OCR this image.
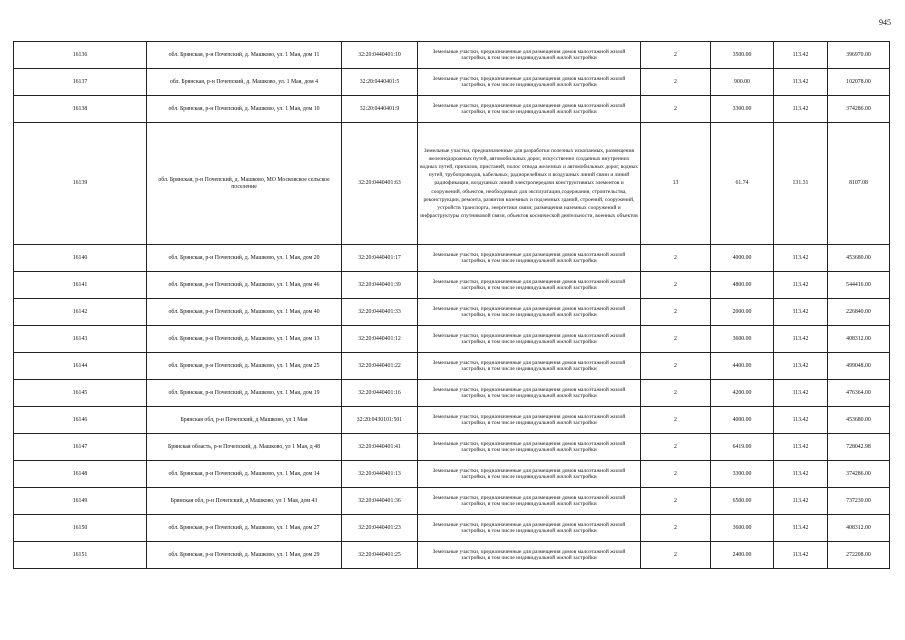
945
16136	обл. Брянская, р-н Почепский, д. Машково, ул. 1 Мая, дом 11	32:20:0440401:10	Земельные участки, предназначенные для размещения домов малоэтажной жилой застройки, в том числе индивидуальной жилой застройки	2	3500.00	113.42	396970.00
16137	обл. Брянская, р-н Почепский, д. Машково, ул. 1 Мая, дом 4	32:20:0440401:5	Земельные участки, предназначенные для размещения домов малоэтажной жилой застройки, в том числе индивидуальной жилой застройки	2	900.00	113.42	102078.00
16138	обл. Брянская, р-н Почепский, д. Машково, ул. 1 Мая, дом 10	32:20:0440401:9	Земельные участки, предназначенные для размещения домов малоэтажной жилой застройки, в том числе индивидуальной жилой застройки	2	3300.00	113.42	374286.00
16139	обл. Брянская, р-н Почепский, д. Машково, МО Московское сельское поселение	32:20:0440401:63	Земельные участки, предназначенные для разработки полезных ископаемых, размещения железнодорожных путей, автомобильных дорог, искусственно созданных внутренних водных путей, причалов, пристаней, полос отвода железных и автомобильных дорог, водных путей, трубопроводов, кабельных, радиорелейных и воздушных линий связи и линий радиофикации, воздушных линий электропередачи конструктивных элементов и сооружений, объектов, необходимых для эксплуатации,содержания, строительства, реконструкции, ремонта, развития наземных и подземных зданий, строений, сооружений, устройств транспорта, энергетики связи; размещения наземных сооружений и инфраструктуры спутниковой связи, объектов космической деятельности, военных объектов	13	61.74	131.31	8107.08
16140	обл. Брянская, р-н Почепский, д. Машково, ул. 1 Мая, дом 20	32:20:0440401:17	Земельные участки, предназначенные для размещения домов малоэтажной жилой застройки, в том числе индивидуальной жилой застройки	2	4000.00	113.42	453680.00
16141	обл. Брянская, р-н Почепский, д. Машково, ул. 1 Мая, дом 46	32:20:0440401:39	Земельные участки, предназначенные для размещения домов малоэтажной жилой застройки, в том числе индивидуальной жилой застройки	2	4800.00	113.42	544416.00
16142	обл. Брянская, р-н Почепский, д. Машково, ул. 1 Мая, дом 40	32:20:0440401:33	Земельные участки, предназначенные для размещения домов малоэтажной жилой застройки, в том числе индивидуальной жилой застройки	2	2000.00	113.42	226840.00
16143	обл. Брянская, р-н Почепский, д. Машково, ул. 1 Мая, дом 13	32:20:0440401:12	Земельные участки, предназначенные для размещения домов малоэтажной жилой застройки, в том числе индивидуальной жилой застройки	2	3600.00	113.42	408312.00
16144	обл. Брянская, р-н Почепский, д. Машково, ул. 1 Мая, дом 25	32:20:0440401:22	Земельные участки, предназначенные для размещения домов малоэтажной жилой застройки, в том числе индивидуальной жилой застройки	2	4400.00	113.42	499048.00
16145	обл. Брянская, р-н Почепский, д. Машково, ул. 1 Мая, дом 19	32:20:0440401:16	Земельные участки, предназначенные для размещения домов малоэтажной жилой застройки, в том числе индивидуальной жилой застройки	2	4200.00	113.42	476364.00
16146	Брянская обл, р-н Почепский, д Машково, ул 1 Мая	32:20:0430101:501	Земельные участки, предназначенные для размещения домов малоэтажной жилой застройки, в том числе индивидуальной жилой застройки	2	4000.00	113.42	453680.00
16147	Брянская область, р-н Почепский, д. Машково, ул 1 Мая, д 48	32:20:0440401:41	Земельные участки, предназначенные для размещения домов малоэтажной жилой застройки, в том числе индивидуальной жилой застройки	2	6419.00	113.42	728042.98
16148	обл. Брянская, р-н Почепский, д. Машково, ул. 1 Мая, дом 14	32:20:0440401:13	Земельные участки, предназначенные для размещения домов малоэтажной жилой застройки, в том числе индивидуальной жилой застройки	2	3300.00	113.42	374286.00
16149	Брянская обл, р-н Почепский, д Машково, ул 1 Мая, дом 43	32:20:0440401:36	Земельные участки, предназначенные для размещения домов малоэтажной жилой застройки, в том числе индивидуальной жилой застройки	2	6500.00	113.42	737230.00
16150	обл. Брянская, р-н Почепский, д. Машково, ул. 1 Мая, дом 27	32:20:0440401:23	Земельные участки, предназначенные для размещения домов малоэтажной жилой застройки, в том числе индивидуальной жилой застройки	2	3600.00	113.42	408312.00
16151	обл. Брянская, р-н Почепский, д. Машково, ул. 1 Мая, дом 29	32:20:0440401:25	Земельные участки, предназначенные для размещения домов малоэтажной жилой застройки, в том числе индивидуальной жилой застройки	2	2400.00	113.42	272208.00
